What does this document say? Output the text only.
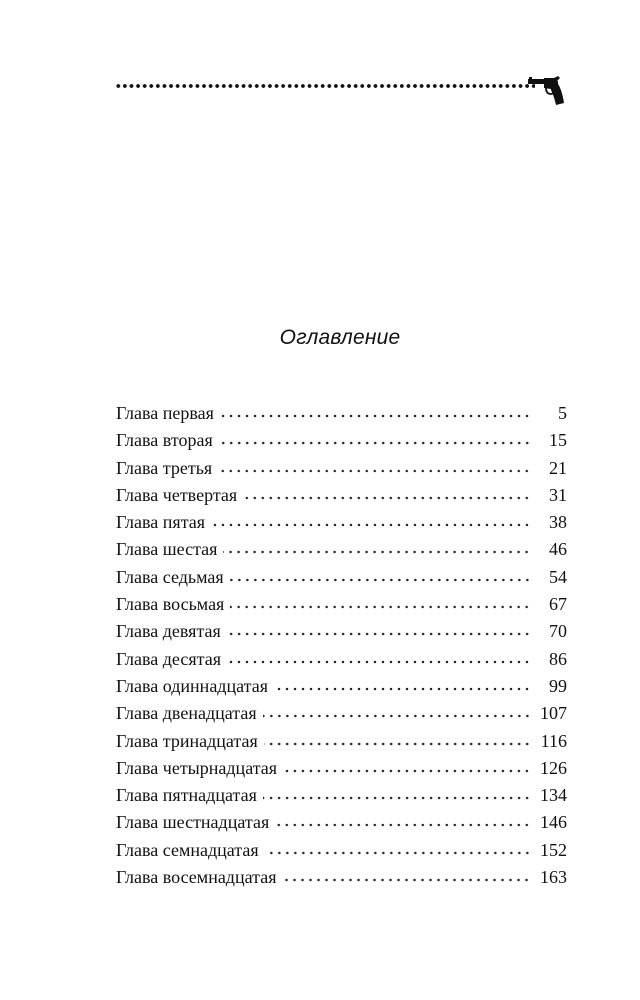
Оглавление
Глава первая	5
Глава вторая	15
Глава третья	21
Глава четвертая	31
Глава пятая	38
Глава шестая	46
Глава седьмая	54
Глава восьмая	67
Глава девятая	70
Глава десятая	86
Глава одиннадцатая	99
Глава двенадцатая	107
Глава тринадцатая	116
Глава четырнадцатая	126
Глава пятнадцатая	134
Глава шестнадцатая	146
Глава семнадцатая	152
Глава восемнадцатая	163
